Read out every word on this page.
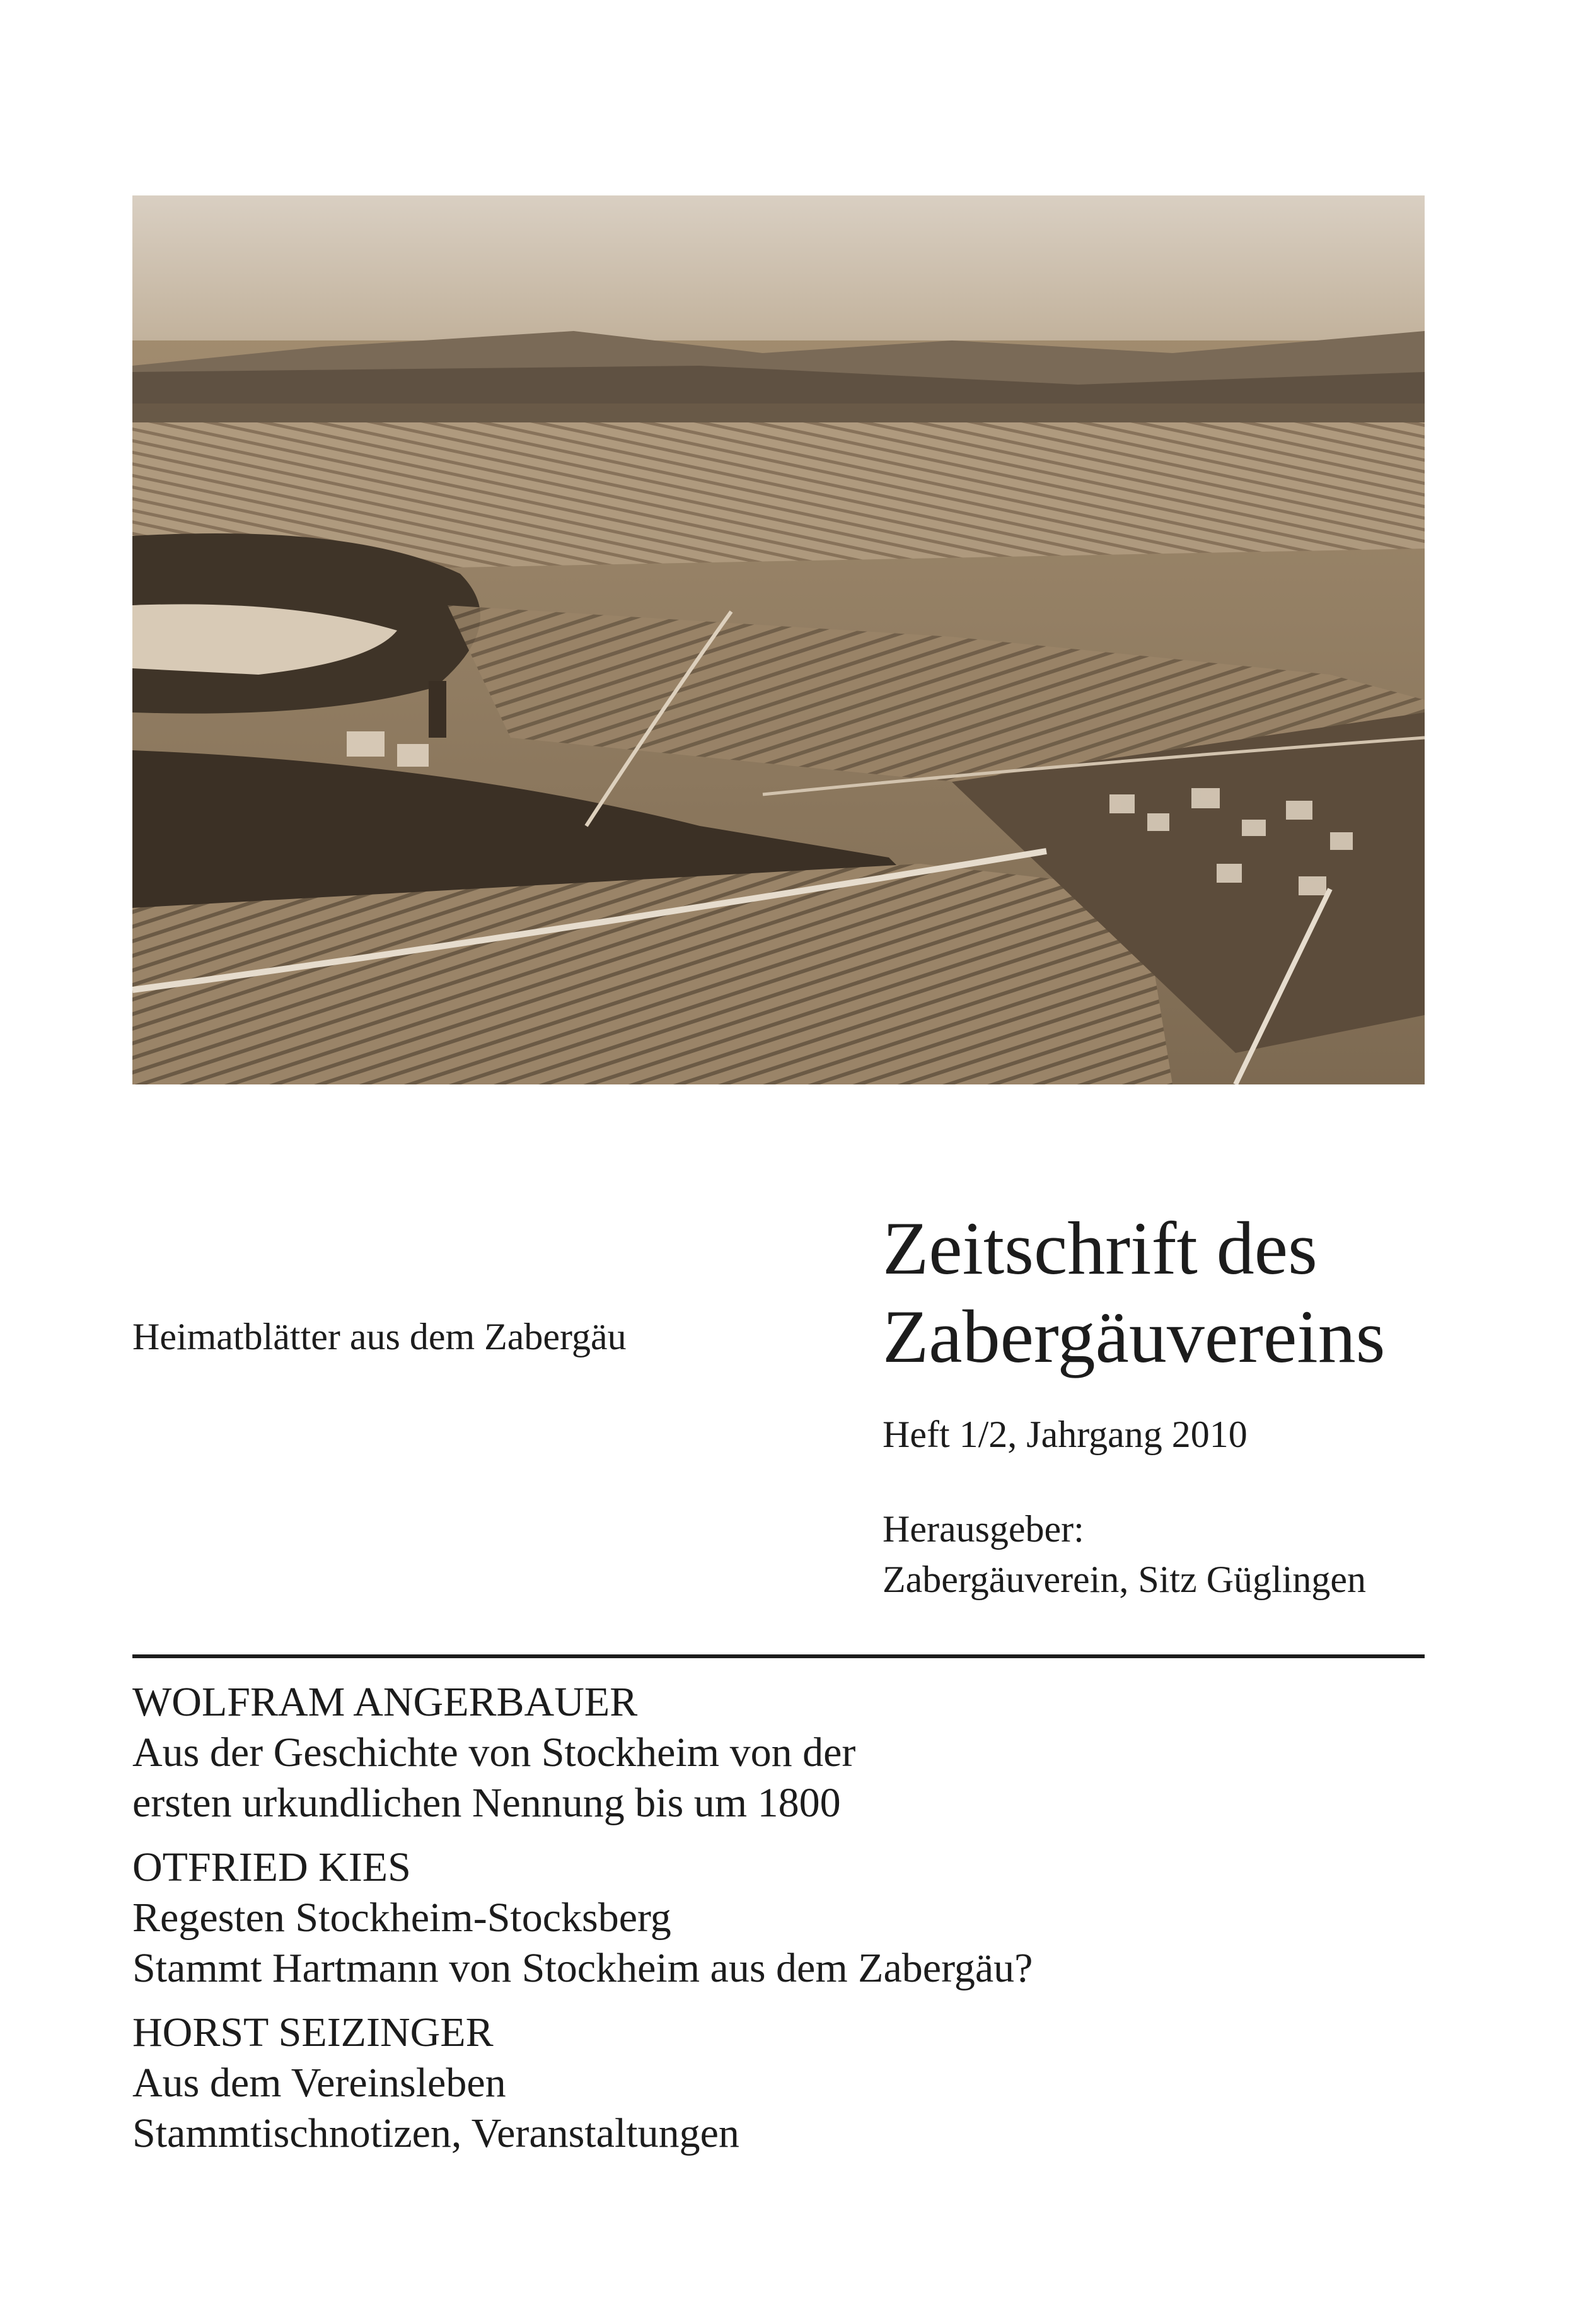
Heimatblätter aus dem Zabergäu
Zeitschrift des
Zabergäuvereins
Heft 1/2, Jahrgang 2010
Herausgeber:
Zabergäuverein, Sitz Güglingen
WOLFRAM ANGERBAUER
Aus der Geschichte von Stockheim von der
ersten urkundlichen Nennung bis um 1800
OTFRIED KIES
Regesten Stockheim-Stocksberg
Stammt Hartmann von Stockheim aus dem Zabergäu?
HORST SEIZINGER
Aus dem Vereinsleben
Stammtischnotizen, Veranstaltungen
